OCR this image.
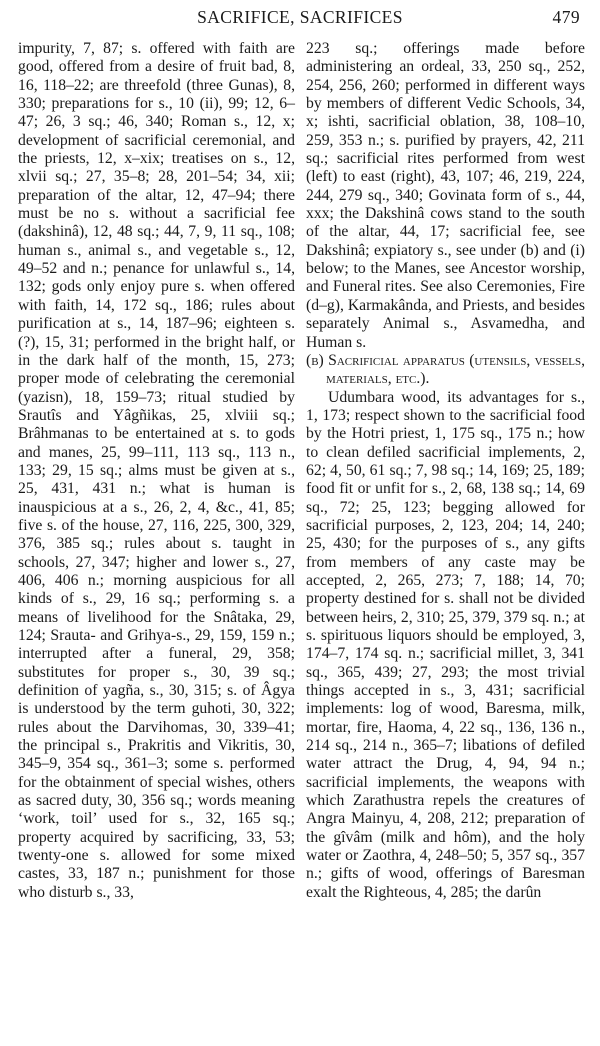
SACRIFICE, SACRIFICES	479

impurity, 7, 87; s. offered with faith are good, offered from a desire of fruit bad, 8, 16, 118–22; are threefold (three Gunas), 8, 330; preparations for s., 10 (ii), 99; 12, 6–47; 26, 3 sq.; 46, 340; Roman s., 12, x; development of sacrificial ceremonial, and the priests, 12, x–xix; treatises on s., 12, xlvii sq.; 27, 35–8; 28, 201–54; 34, xii; preparation of the altar, 12, 47–94; there must be no s. without a sacrificial fee (dakshinâ), 12, 48 sq.; 44, 7, 9, 11 sq., 108; human s., animal s., and vegetable s., 12, 49–52 and n.; penance for unlawful s., 14, 132; gods only enjoy pure s. when offered with faith, 14, 172 sq., 186; rules about purification at s., 14, 187–96; eighteen s. (?), 15, 31; performed in the bright half, or in the dark half of the month, 15, 273; proper mode of celebrating the ceremonial (yazisn), 18, 159–73; ritual studied by Srautîs and Yâgñikas, 25, xlviii sq.; Brâhmanas to be entertained at s. to gods and manes, 25, 99–111, 113 sq., 113 n., 133; 29, 15 sq.; alms must be given at s., 25, 431, 431 n.; what is human is inauspicious at a s., 26, 2, 4, &c., 41, 85; five s. of the house, 27, 116, 225, 300, 329, 376, 385 sq.; rules about s. taught in schools, 27, 347; higher and lower s., 27, 406, 406 n.; morning auspicious for all kinds of s., 29, 16 sq.; performing s. a means of livelihood for the Snâtaka, 29, 124; Srauta- and Grihya-s., 29, 159, 159 n.; interrupted after a funeral, 29, 358; substitutes for proper s., 30, 39 sq.; definition of yagña, s., 30, 315; s. of Âgya is understood by the term guhoti, 30, 322; rules about the Darvihomas, 30, 339–41; the principal s., Prakritis and Vikritis, 30, 345–9, 354 sq., 361–3; some s. performed for the obtainment of special wishes, others as sacred duty, 30, 356 sq.; words meaning ‘work, toil’ used for s., 32, 165 sq.; property acquired by sacrificing, 33, 53; twenty-one s. allowed for some mixed castes, 33, 187 n.; punishment for those who disturb s., 33,

223 sq.; offerings made before administering an ordeal, 33, 250 sq., 252, 254, 256, 260; performed in different ways by members of different Vedic Schools, 34, x; ishti, sacrificial oblation, 38, 108–10, 259, 353 n.; s. purified by prayers, 42, 211 sq.; sacrificial rites performed from west (left) to east (right), 43, 107; 46, 219, 224, 244, 279 sq., 340; Govinata form of s., 44, xxx; the Dakshinâ cows stand to the south of the altar, 44, 17; sacrificial fee, see Dakshinâ; expiatory s., see under (b) and (i) below; to the Manes, see Ancestor worship, and Funeral rites. See also Ceremonies, Fire (d–g), Karmakânda, and Priests, and besides separately Animal s., Asvamedha, and Human s.

(b) Sacrificial apparatus (utensils, vessels, materials, etc.).

Udumbara wood, its advantages for s., 1, 173; respect shown to the sacrificial food by the Hotri priest, 1, 175 sq., 175 n.; how to clean defiled sacrificial implements, 2, 62; 4, 50, 61 sq.; 7, 98 sq.; 14, 169; 25, 189; food fit or unfit for s., 2, 68, 138 sq.; 14, 69 sq., 72; 25, 123; begging allowed for sacrificial purposes, 2, 123, 204; 14, 240; 25, 430; for the purposes of s., any gifts from members of any caste may be accepted, 2, 265, 273; 7, 188; 14, 70; property destined for s. shall not be divided between heirs, 2, 310; 25, 379, 379 sq. n.; at s. spirituous liquors should be employed, 3, 174–7, 174 sq. n.; sacrificial millet, 3, 341 sq., 365, 439; 27, 293; the most trivial things accepted in s., 3, 431; sacrificial implements: log of wood, Baresma, milk, mortar, fire, Haoma, 4, 22 sq., 136, 136 n., 214 sq., 214 n., 365–7; libations of defiled water attract the Drug, 4, 94, 94 n.; sacrificial implements, the weapons with which Zarathustra repels the creatures of Angra Mainyu, 4, 208, 212; preparation of the gîvâm (milk and hôm), and the holy water or Zaothra, 4, 248–50; 5, 357 sq., 357 n.; gifts of wood, offerings of Baresman exalt the Righteous, 4, 285; the darûn
